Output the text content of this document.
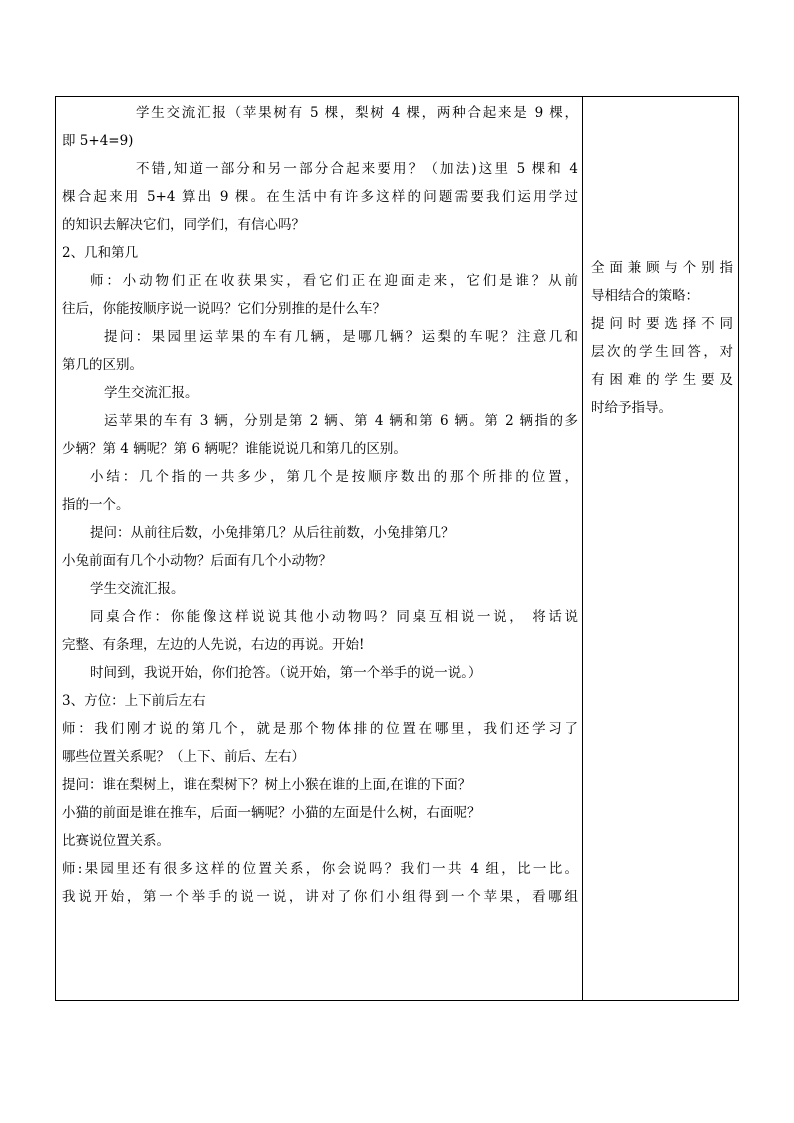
学生交流汇报（苹果树有 5 棵，梨树 4 棵，两种合起来是 9 棵，
即 5+4=9)
不错,知道一部分和另一部分合起来要用？（加法)这里 5 棵和 4
棵合起来用 5+4 算出 9 棵。在生活中有许多这样的问题需要我们运用学过
的知识去解决它们，同学们，有信心吗？
2、几和第几
师：小动物们正在收获果实，看它们正在迎面走来，它们是谁？从前
往后，你能按顺序说一说吗？它们分别推的是什么车？
提问：果园里运苹果的车有几辆，是哪几辆？运梨的车呢？注意几和
第几的区别。
学生交流汇报。
运苹果的车有 3 辆，分别是第 2 辆、第 4 辆和第 6 辆。第 2 辆指的多
少辆？第 4 辆呢？第 6 辆呢？谁能说说几和第几的区别。
小结：几个指的一共多少，第几个是按顺序数出的那个所排的位置，
指的一个。
提问：从前往后数，小兔排第几？从后往前数，小兔排第几？
小兔前面有几个小动物？后面有几个小动物？
学生交流汇报。
同桌合作：你能像这样说说其他小动物吗？同桌互相说一说， 将话说
完整、有条理，左边的人先说，右边的再说。开始!
时间到，我说开始，你们抢答。（说开始，第一个举手的说一说。）
3、方位：上下前后左右
师：我们刚才说的第几个，就是那个物体排的位置在哪里，我们还学习了
哪些位置关系呢？（上下、前后、左右）
提问：谁在梨树上，谁在梨树下？树上小猴在谁的上面,在谁的下面？
小猫的前面是谁在推车，后面一辆呢？小猫的左面是什么树，右面呢？
比赛说位置关系。
师:果园里还有很多这样的位置关系，你会说吗？我们一共 4 组，比一比。
我说开始，第一个举手的说一说，讲对了你们小组得到一个苹果，看哪组
全面兼顾与个别指
导相结合的策略：
提问时要选择不同
层次的学生回答，对
有困难的学生要及
时给予指导。
